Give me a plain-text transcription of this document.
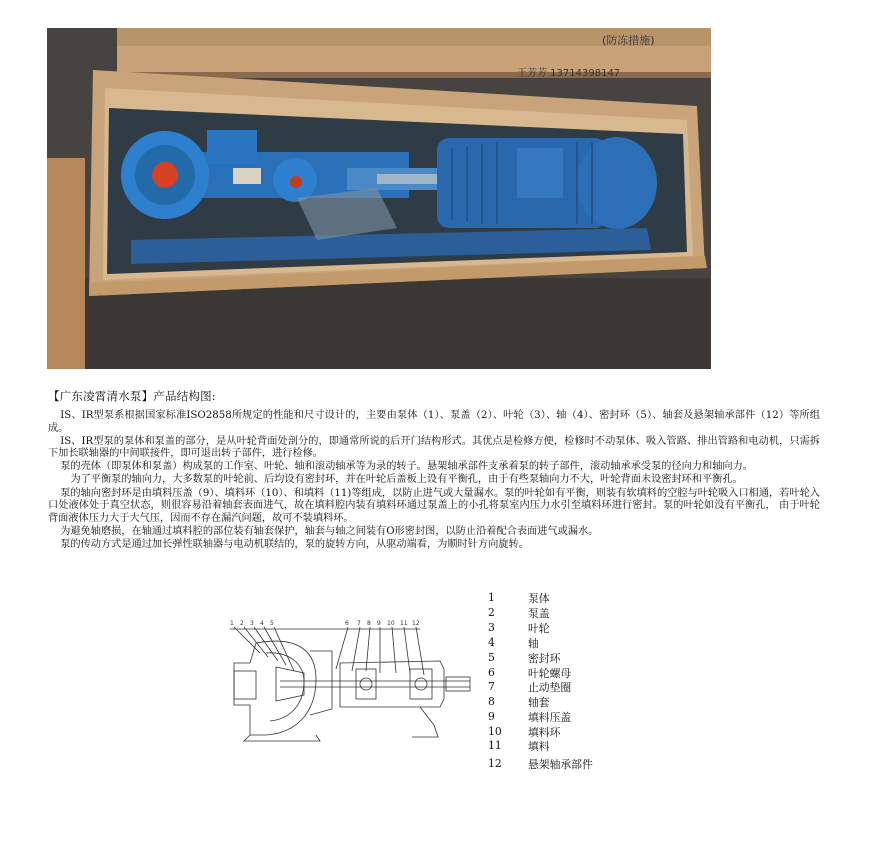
(防冻措施)
王芳芳 13714398147
【广东凌霄清水泵】产品结构图:

IS、IR型泵系根据国家标准ISO2858所规定的性能和尺寸设计的，主要由泵体（1）、泵盖（2）、叶轮（3）、轴（4）、密封环（5）、轴套及悬架轴承部件（12）等所组成。

IS、IR型泵的泵体和泵盖的部分，是从叶轮背面处剖分的，即通常所说的后开门结构形式。其优点是检修方便，检修时不动泵体、吸入管路、排出管路和电动机，只需拆下加长联轴器的中间联接件，即可退出转子部件，进行检修。

泵的壳体（即泵体和泵盖）构成泵的工作室、叶轮、轴和滚动轴承等为录的转子。悬架轴承部件支承着泵的转子部件，滚动轴承承受泵的径向力和轴向力。

为了平衡泵的轴向力，大多数泵的叶轮前、后均设有密封环，并在叶轮后盖板上设有平衡孔，由于有些泵轴向力不大，叶轮背面未设密封环和平衡孔。

泵的轴向密封环是由填料压盖（9）、填料环（10）、和填料（11)等组成，以防止进气或大量漏水。泵的叶轮如有平衡，则装有软填料的空腔与叶轮吸入口相通，若叶轮入口处液体处于真空状态，则很容易沿着轴套表面进气，故在填料腔内装有填料环通过泵盖上的小孔将泵室内压力水引至填料环进行密封。泵的叶轮如没有平衡孔， 由于叶轮背面液体压力大于大气压，因而不存在漏汽问题，故可不装填料环。

为避免轴磨损，在轴通过填料腔的部位装有轴套保护，轴套与轴之间装有O形密封图，以防止沿着配合表面进气或漏水。

泵的传动方式是通过加长弹性联轴器与电动机联结的，泵的旋转方向，从驱动端看，为顺时针方向旋转。

1 2 3 4 5	6 7 8 9 10 11 12
1	泵体
2	泵盖
3	叶轮
4	轴
5	密封环
6	叶轮螺母
7	止动垫圈
8	轴套
9	填料压盖
10	填料环
11	填料
12	悬架轴承部件
